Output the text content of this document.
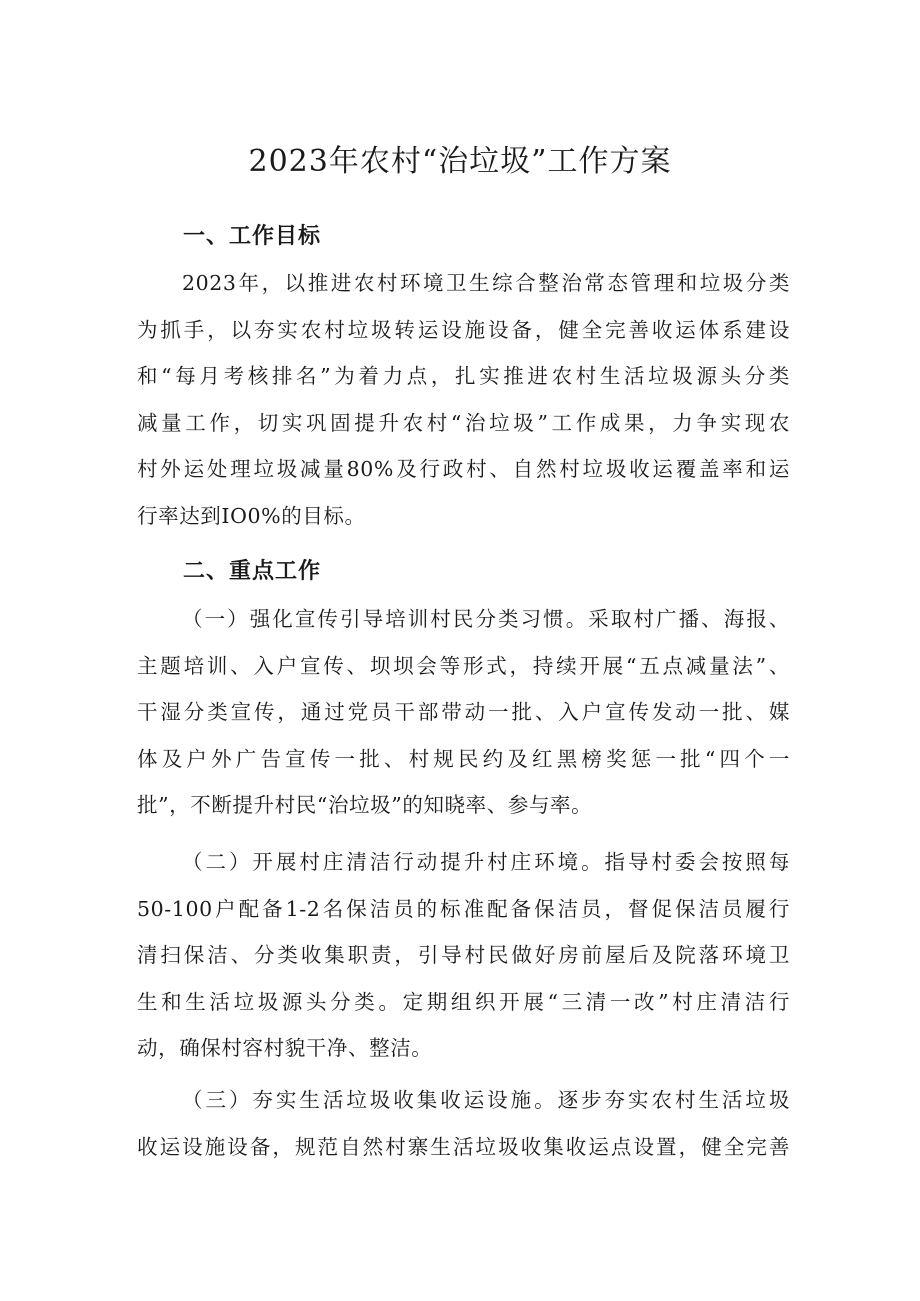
2023年农村“治垃圾”工作方案
一、工作目标
2023年，以推进农村环境卫生综合整治常态管理和垃圾分类
为抓手，以夯实农村垃圾转运设施设备，健全完善收运体系建设
和“每月考核排名”为着力点，扎实推进农村生活垃圾源头分类
减量工作，切实巩固提升农村“治垃圾”工作成果，力争实现农
村外运处理垃圾减量80%及行政村、自然村垃圾收运覆盖率和运
行率达到IO0%的目标。
二、重点工作
（一）强化宣传引导培训村民分类习惯。采取村广播、海报、
主题培训、入户宣传、坝坝会等形式，持续开展“五点减量法”、
干湿分类宣传，通过党员干部带动一批、入户宣传发动一批、媒
体及户外广告宣传一批、村规民约及红黑榜奖惩一批“四个一
批”，不断提升村民“治垃圾”的知晓率、参与率。
（二）开展村庄清洁行动提升村庄环境。指导村委会按照每
50-100户配备1-2名保洁员的标准配备保洁员，督促保洁员履行
清扫保洁、分类收集职责，引导村民做好房前屋后及院落环境卫
生和生活垃圾源头分类。定期组织开展“三清一改”村庄清洁行
动，确保村容村貌干净、整洁。
（三）夯实生活垃圾收集收运设施。逐步夯实农村生活垃圾
收运设施设备，规范自然村寨生活垃圾收集收运点设置，健全完善
